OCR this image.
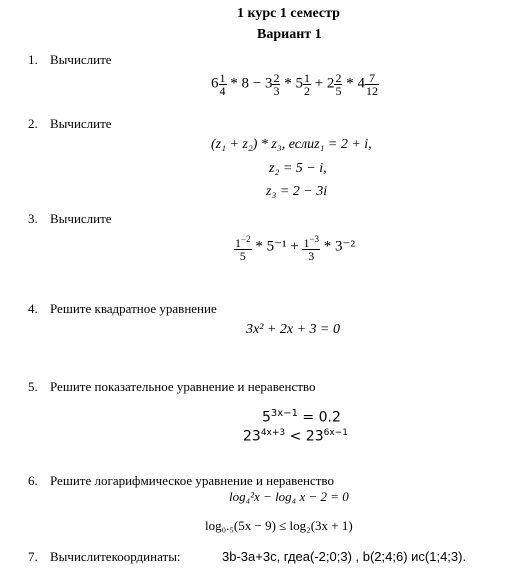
1 курс 1 семестр
Вариант 1
1. Вычислите
$6 \frac{1}{4} * 8 - 3 \frac{2}{3} * 5 \frac{1}{2} + 2 \frac{2}{5} * 4 \frac{7}{12}$
2. Вычислите
(z₁ + z₂) * z₃, еслиz₁ = 2 + i,
z₂ = 5 − i,
z₃ = 2 − 3i
3. Вычислите
$\frac{1^{-2}}{5} * 5^{-1} + \frac{1^{-3}}{3} * 3^{-2}$
4. Решите квадратное уравнение
3x² + 2x + 3 = 0
5. Решите показательное уравнение и неравенство
$5^{3x-1} = 0.2$
$23^{4x+3} < 23^{6x-1}$
6. Решите логарифмическое уравнение и неравенство
log₄²x − log₄ x − 2 = 0
log₀.₅(5x − 9) ≤ log₂(3x + 1)
7. Вычислитекоординаты:	3b-3a+3c, гдеa(-2;0;3) , b(2;4;6) иc(1;4;3).
